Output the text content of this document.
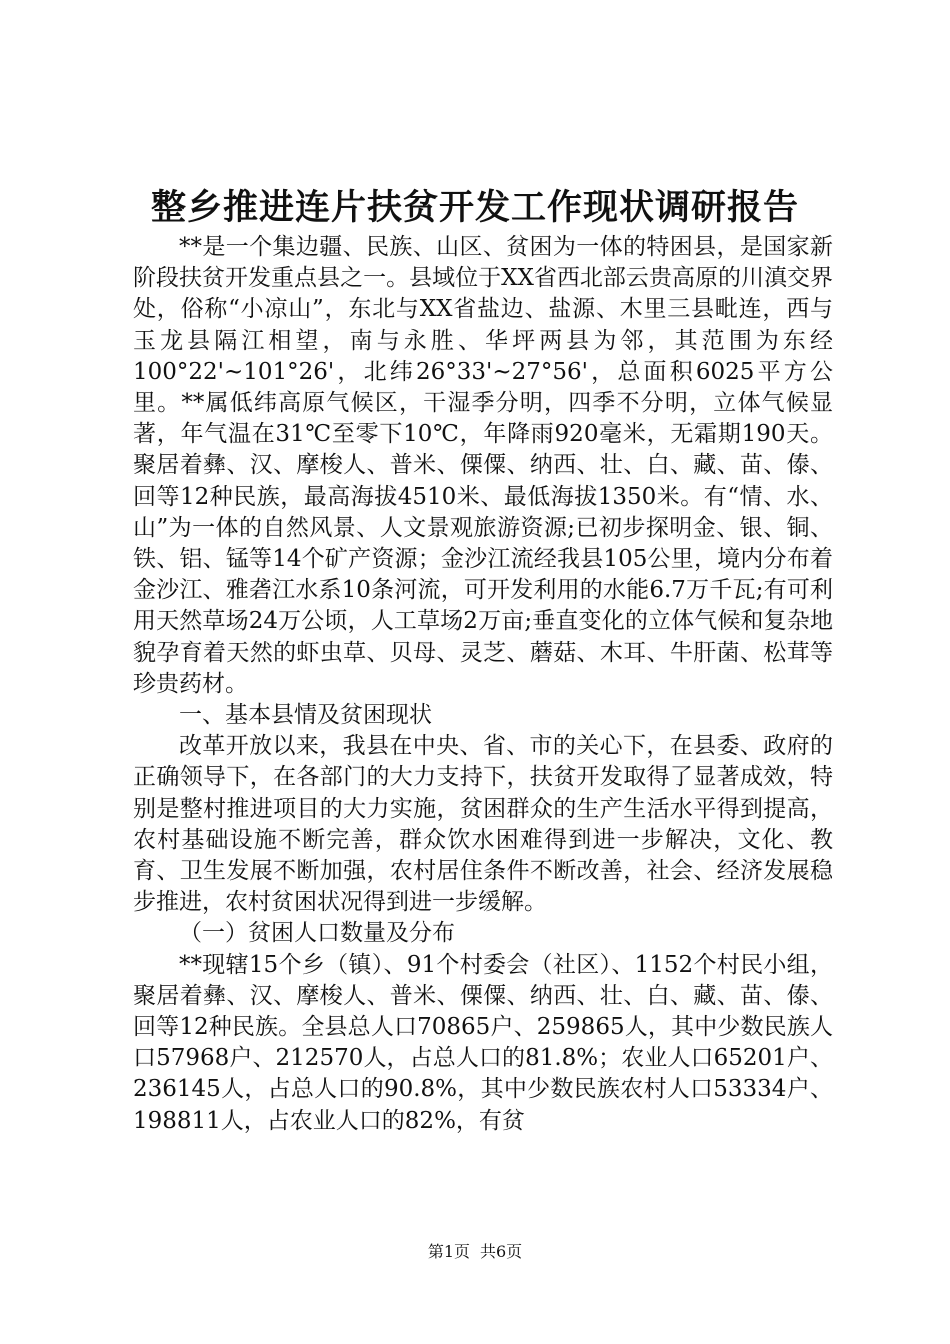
整乡推进连片扶贫开发工作现状调研报告

**是一个集边疆、民族、山区、贫困为一体的特困县，是国家新阶段扶贫开发重点县之一。县域位于XX省西北部云贵高原的川滇交界处，俗称“小凉山”，东北与XX省盐边、盐源、木里三县毗连，西与玉龙县隔江相望，南与永胜、华坪两县为邻，其范围为东经100°22'~101°26'，北纬26°33'~27°56'，总面积6025平方公里。**属低纬高原气候区，干湿季分明，四季不分明，立体气候显著，年气温在31℃至零下10℃，年降雨920毫米，无霜期190天。聚居着彝、汉、摩梭人、普米、傈僳、纳西、壮、白、藏、苗、傣、回等12种民族，最高海拔4510米、最低海拔1350米。有“情、水、山”为一体的自然风景、人文景观旅游资源;已初步探明金、银、铜、铁、铝、锰等14个矿产资源；金沙江流经我县105公里，境内分布着金沙江、雅砻江水系10条河流，可开发利用的水能6.7万千瓦;有可利用天然草场24万公顷，人工草场2万亩;垂直变化的立体气候和复杂地貌孕育着天然的虾虫草、贝母、灵芝、蘑菇、木耳、牛肝菌、松茸等珍贵药材。

一、基本县情及贫困现状

改革开放以来，我县在中央、省、市的关心下，在县委、政府的正确领导下，在各部门的大力支持下，扶贫开发取得了显著成效，特别是整村推进项目的大力实施，贫困群众的生产生活水平得到提高，农村基础设施不断完善，群众饮水困难得到进一步解决，文化、教育、卫生发展不断加强，农村居住条件不断改善，社会、经济发展稳步推进，农村贫困状况得到进一步缓解。

（一）贫困人口数量及分布

**现辖15个乡（镇）、91个村委会（社区）、1152个村民小组，聚居着彝、汉、摩梭人、普米、傈僳、纳西、壮、白、藏、苗、傣、回等12种民族。全县总人口70865户、259865人，其中少数民族人口57968户、212570人，占总人口的81.8%；农业人口65201户、236145人，占总人口的90.8%，其中少数民族农村人口53334户、198811人，占农业人口的82%，有贫

第1页 共6页
